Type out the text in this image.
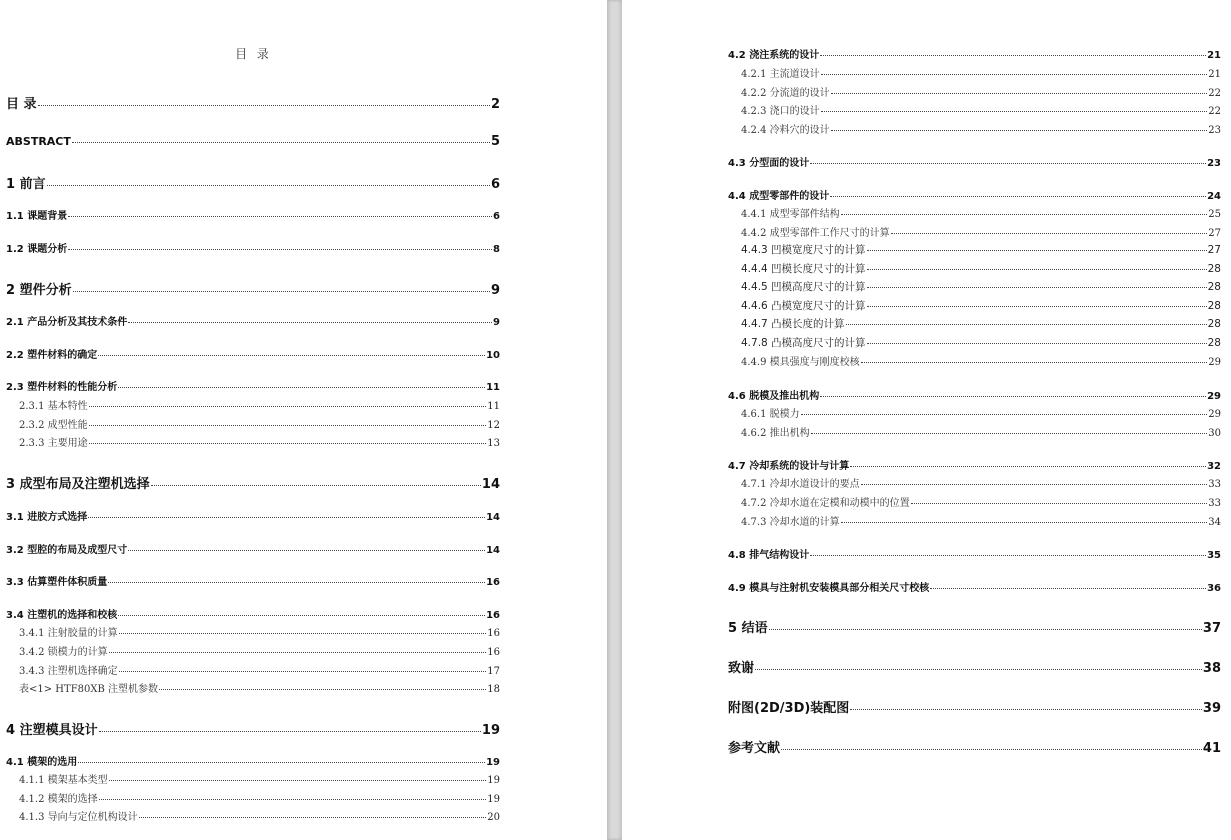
目 录
目 录	2
ABSTRACT	5
1 前言	6
1.1 课题背景	6
1.2 课题分析	8
2 塑件分析	9
2.1 产品分析及其技术条件	9
2.2 塑件材料的确定	10
2.3 塑件材料的性能分析	11
2.3.1 基本特性	11
2.3.2 成型性能	12
2.3.3 主要用途	13
3 成型布局及注塑机选择	14
3.1 进胶方式选择	14
3.2 型腔的布局及成型尺寸	14
3.3 估算塑件体积质量	16
3.4 注塑机的选择和校核	16
3.4.1 注射胶量的计算	16
3.4.2 锁模力的计算	16
3.4.3 注塑机选择确定	17
表<1> HTF80XB 注塑机参数	18
4 注塑模具设计	19
4.1 模架的选用	19
4.1.1 模架基本类型	19
4.1.2 模架的选择	19
4.1.3 导向与定位机构设计	20
4.2 浇注系统的设计	21
4.2.1 主流道设计	21
4.2.2 分流道的设计	22
4.2.3 浇口的设计	22
4.2.4 冷料穴的设计	23
4.3 分型面的设计	23
4.4 成型零部件的设计	24
4.4.1 成型零部件结构	25
4.4.2 成型零部件工作尺寸的计算	27
4.4.3 凹模宽度尺寸的计算	27
4.4.4 凹模长度尺寸的计算	28
4.4.5 凹模高度尺寸的计算	28
4.4.6 凸模宽度尺寸的计算	28
4.4.7 凸模长度的计算	28
4.7.8 凸模高度尺寸的计算	28
4.4.9 模具强度与刚度校核	29
4.6 脱模及推出机构	29
4.6.1 脱模力	29
4.6.2 推出机构	30
4.7 冷却系统的设计与计算	32
4.7.1 冷却水道设计的要点	33
4.7.2 冷却水道在定模和动模中的位置	33
4.7.3 冷却水道的计算	34
4.8 排气结构设计	35
4.9 模具与注射机安装模具部分相关尺寸校核	36
5 结语	37
致谢	38
附图(2D/3D)装配图	39
参考文献	41
